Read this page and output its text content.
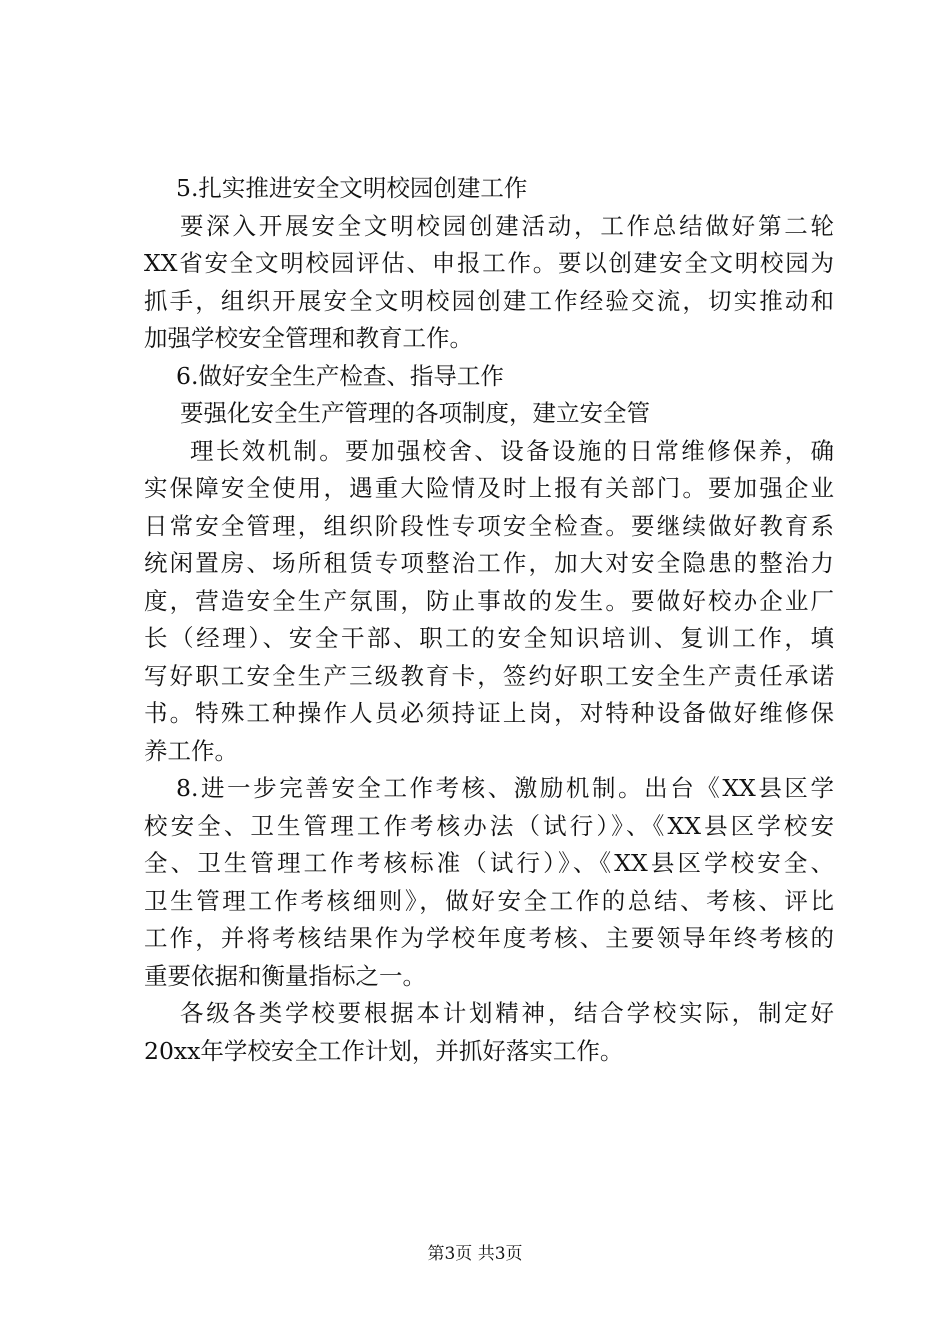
5.扎实推进安全文明校园创建工作
要深入开展安全文明校园创建活动，工作总结做好第二轮
XX省安全文明校园评估、申报工作。要以创建安全文明校园为
抓手，组织开展安全文明校园创建工作经验交流，切实推动和
加强学校安全管理和教育工作。
6.做好安全生产检查、指导工作
要强化安全生产管理的各项制度，建立安全管
理长效机制。要加强校舍、设备设施的日常维修保养，确
实保障安全使用，遇重大险情及时上报有关部门。要加强企业
日常安全管理，组织阶段性专项安全检查。要继续做好教育系
统闲置房、场所租赁专项整治工作，加大对安全隐患的整治力
度，营造安全生产氛围，防止事故的发生。要做好校办企业厂
长（经理）、安全干部、职工的安全知识培训、复训工作，填
写好职工安全生产三级教育卡，签约好职工安全生产责任承诺
书。特殊工种操作人员必须持证上岗，对特种设备做好维修保
养工作。
8.进一步完善安全工作考核、激励机制。出台《XX县区学
校安全、卫生管理工作考核办法（试行）》、《XX县区学校安
全、卫生管理工作考核标准（试行）》、《XX县区学校安全、
卫生管理工作考核细则》，做好安全工作的总结、考核、评比
工作，并将考核结果作为学校年度考核、主要领导年终考核的
重要依据和衡量指标之一。
各级各类学校要根据本计划精神，结合学校实际，制定好
20xx年学校安全工作计划，并抓好落实工作。
第3页 共3页
